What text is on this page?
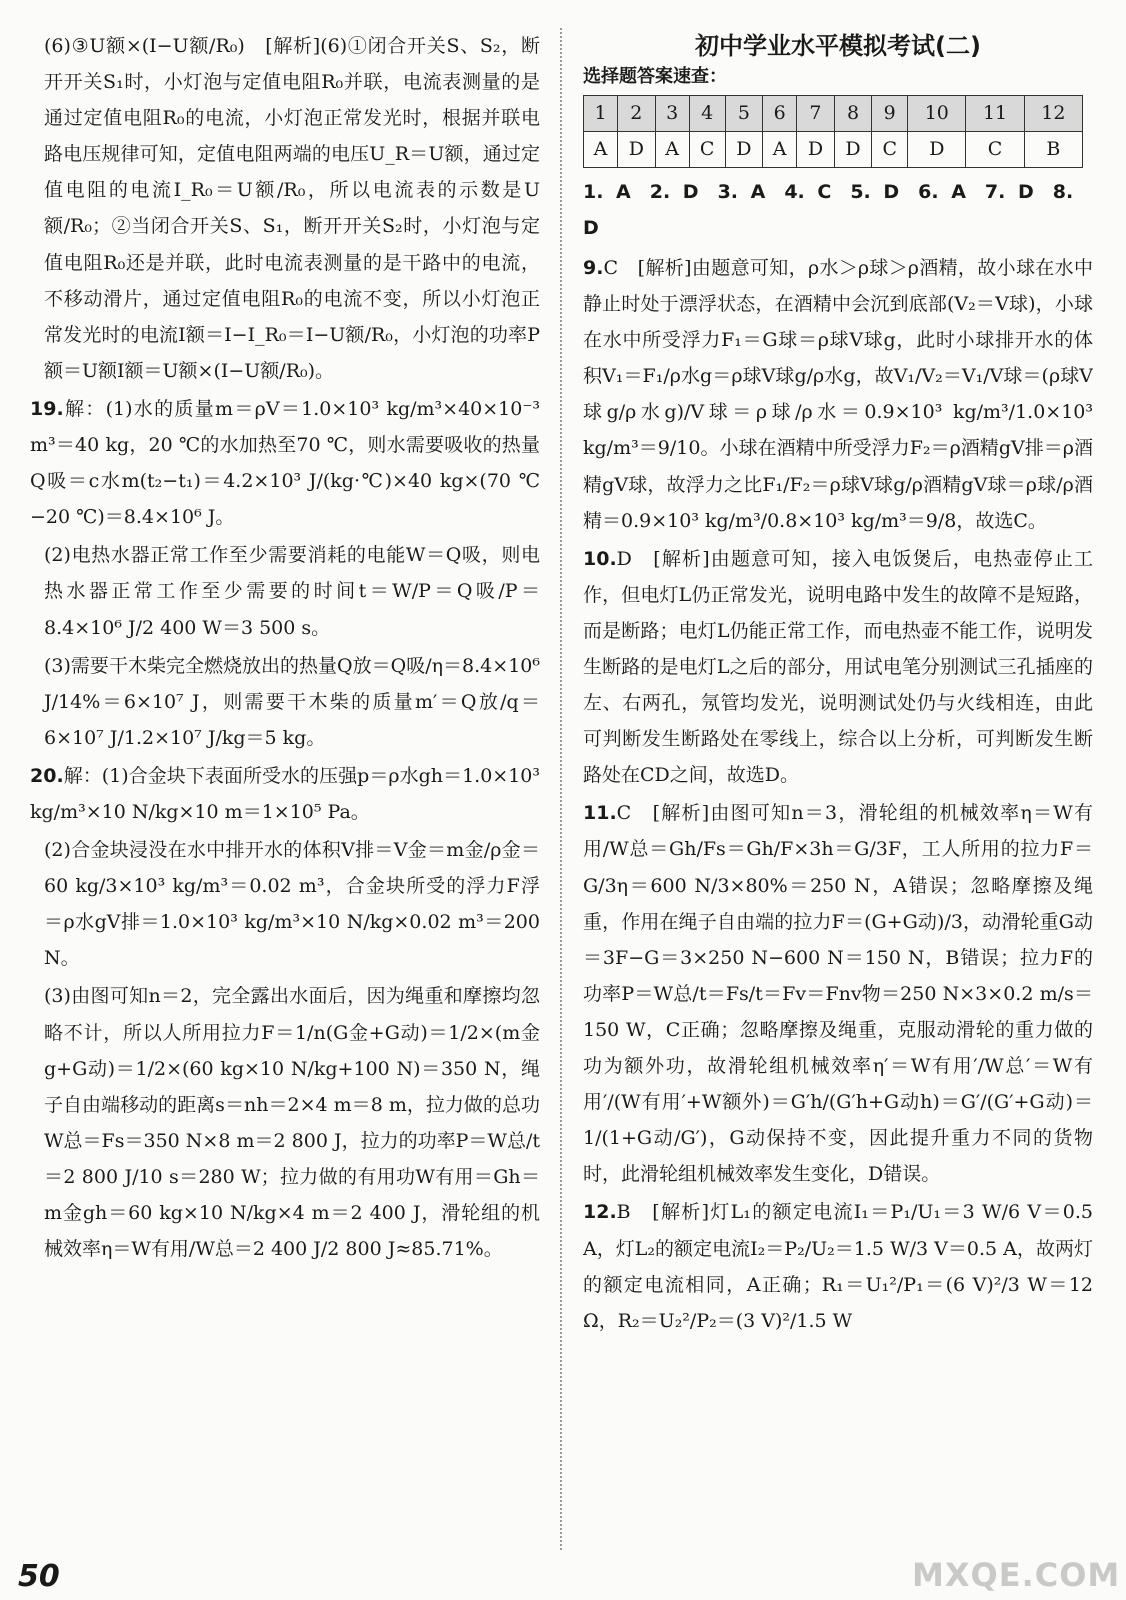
(6)③U额×(I−U额/R₀)　[解析](6)①闭合开关S、S₂，断开开关S₁时，小灯泡与定值电阻R₀并联，电流表测量的是通过定值电阻R₀的电流，小灯泡正常发光时，根据并联电路电压规律可知，定值电阻两端的电压U_R＝U额，通过定值电阻的电流I_R₀＝U额/R₀，所以电流表的示数是U额/R₀；②当闭合开关S、S₁，断开开关S₂时，小灯泡与定值电阻R₀还是并联，此时电流表测量的是干路中的电流，不移动滑片，通过定值电阻R₀的电流不变，所以小灯泡正常发光时的电流I额＝I−I_R₀＝I−U额/R₀，小灯泡的功率P额＝U额I额＝U额×(I−U额/R₀)。
19.解：(1)水的质量m＝ρV＝1.0×10³ kg/m³×40×10⁻³ m³＝40 kg，20 ℃的水加热至70 ℃，则水需要吸收的热量Q吸＝c水m(t₂−t₁)＝4.2×10³ J/(kg·℃)×40 kg×(70 ℃−20 ℃)＝8.4×10⁶ J。
(2)电热水器正常工作至少需要消耗的电能W＝Q吸，则电热水器正常工作至少需要的时间t＝W/P＝Q吸/P＝8.4×10⁶ J/2 400 W＝3 500 s。
(3)需要干木柴完全燃烧放出的热量Q放＝Q吸/η＝8.4×10⁶ J/14%＝6×10⁷ J，则需要干木柴的质量m′＝Q放/q＝6×10⁷ J/1.2×10⁷ J/kg＝5 kg。
20.解：(1)合金块下表面所受水的压强p＝ρ水gh＝1.0×10³ kg/m³×10 N/kg×10 m＝1×10⁵ Pa。
(2)合金块浸没在水中排开水的体积V排＝V金＝m金/ρ金＝60 kg/3×10³ kg/m³＝0.02 m³，合金块所受的浮力F浮＝ρ水gV排＝1.0×10³ kg/m³×10 N/kg×0.02 m³＝200 N。
(3)由图可知n＝2，完全露出水面后，因为绳重和摩擦均忽略不计，所以人所用拉力F＝1/n(G金+G动)＝1/2×(m金g+G动)＝1/2×(60 kg×10 N/kg+100 N)＝350 N，绳子自由端移动的距离s＝nh＝2×4 m＝8 m，拉力做的总功W总＝Fs＝350 N×8 m＝2 800 J，拉力的功率P＝W总/t＝2 800 J/10 s＝280 W；拉力做的有用功W有用＝Gh＝m金gh＝60 kg×10 N/kg×4 m＝2 400 J，滑轮组的机械效率η＝W有用/W总＝2 400 J/2 800 J≈85.71%。
初中学业水平模拟考试(二)
选择题答案速查：
1	2	3	4	5	6	7	8	9	10	11	12
A	D	A	C	D	A	D	D	C	D	C	B
1. A　2. D　3. A　4. C　5. D　6. A　7. D　8. D
9.C　[解析]由题意可知，ρ水＞ρ球＞ρ酒精，故小球在水中静止时处于漂浮状态，在酒精中会沉到底部(V₂＝V球)，小球在水中所受浮力F₁＝G球＝ρ球V球g，此时小球排开水的体积V₁＝F₁/ρ水g＝ρ球V球g/ρ水g，故V₁/V₂＝V₁/V球＝(ρ球V球g/ρ水g)/V球＝ρ球/ρ水＝0.9×10³ kg/m³/1.0×10³ kg/m³＝9/10。小球在酒精中所受浮力F₂＝ρ酒精gV排＝ρ酒精gV球，故浮力之比F₁/F₂＝ρ球V球g/ρ酒精gV球＝ρ球/ρ酒精＝0.9×10³ kg/m³/0.8×10³ kg/m³＝9/8，故选C。
10.D　[解析]由题意可知，接入电饭煲后，电热壶停止工作，但电灯L仍正常发光，说明电路中发生的故障不是短路，而是断路；电灯L仍能正常工作，而电热壶不能工作，说明发生断路的是电灯L之后的部分，用试电笔分别测试三孔插座的左、右两孔，氖管均发光，说明测试处仍与火线相连，由此可判断发生断路处在零线上，综合以上分析，可判断发生断路处在CD之间，故选D。
11.C　[解析]由图可知n＝3，滑轮组的机械效率η＝W有用/W总＝Gh/Fs＝Gh/F×3h＝G/3F，工人所用的拉力F＝G/3η＝600 N/3×80%＝250 N，A错误；忽略摩擦及绳重，作用在绳子自由端的拉力F＝(G+G动)/3，动滑轮重G动＝3F−G＝3×250 N−600 N＝150 N，B错误；拉力F的功率P＝W总/t＝Fs/t＝Fv＝Fnv物＝250 N×3×0.2 m/s＝150 W，C正确；忽略摩擦及绳重，克服动滑轮的重力做的功为额外功，故滑轮组机械效率η′＝W有用′/W总′＝W有用′/(W有用′+W额外)＝G′h/(G′h+G动h)＝G′/(G′+G动)＝1/(1+G动/G′)，G动保持不变，因此提升重力不同的货物时，此滑轮组机械效率发生变化，D错误。
12.B　[解析]灯L₁的额定电流I₁＝P₁/U₁＝3 W/6 V＝0.5 A，灯L₂的额定电流I₂＝P₂/U₂＝1.5 W/3 V＝0.5 A，故两灯的额定电流相同，A正确；R₁＝U₁²/P₁＝(6 V)²/3 W＝12 Ω，R₂＝U₂²/P₂＝(3 V)²/1.5 W
50	MXQE.COM
